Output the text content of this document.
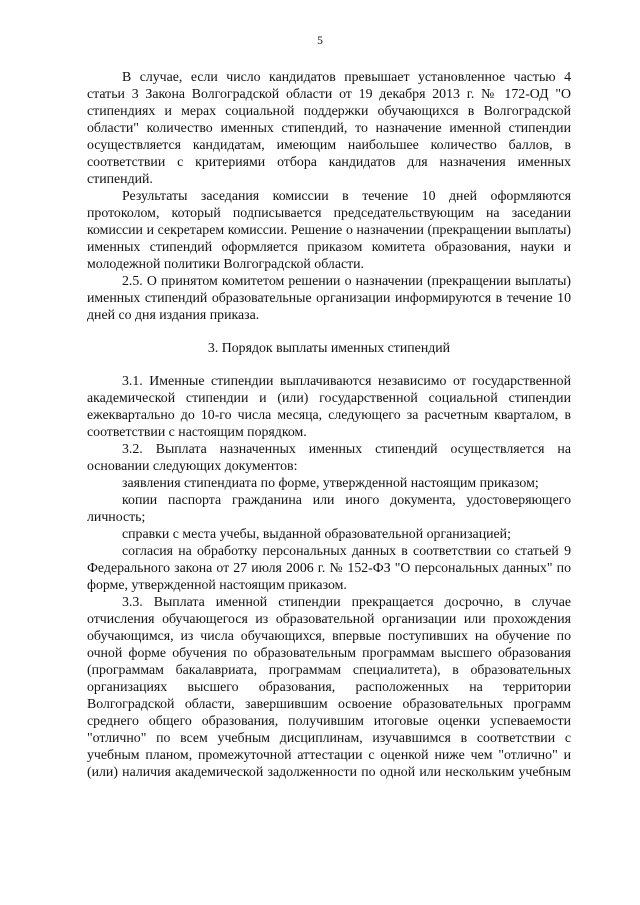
5

В случае, если число кандидатов превышает установленное частью 4 статьи 3 Закона Волгоградской области от 19 декабря 2013 г. № 172-ОД "О стипендиях и мерах социальной поддержки обучающихся в Волгоградской области" количество именных стипендий, то назначение именной стипендии осуществляется кандидатам, имеющим наибольшее количество баллов, в соответствии с критериями отбора кандидатов для назначения именных стипендий.

Результаты заседания комиссии в течение 10 дней оформляются протоколом, который подписывается председательствующим на заседании комиссии и секретарем комиссии. Решение о назначении (прекращении выплаты) именных стипендий оформляется приказом комитета образования, науки и молодежной политики Волгоградской области.

2.5. О принятом комитетом решении о назначении (прекращении выплаты) именных стипендий образовательные организации информируются в течение 10 дней со дня издания приказа.

3. Порядок выплаты именных стипендий

3.1. Именные стипендии выплачиваются независимо от государственной академической стипендии и (или) государственной социальной стипендии ежеквартально до 10-го числа месяца, следующего за расчетным кварталом, в соответствии с настоящим порядком.

3.2. Выплата назначенных именных стипендий осуществляется на основании следующих документов:

заявления стипендиата по форме, утвержденной настоящим приказом;

копии паспорта гражданина или иного документа, удостоверяющего личность;

справки с места учебы, выданной образовательной организацией;

согласия на обработку персональных данных в соответствии со статьей 9 Федерального закона от 27 июля 2006 г. № 152-ФЗ "О персональных данных" по форме, утвержденной настоящим приказом.

3.3. Выплата именной стипендии прекращается досрочно, в случае отчисления обучающегося из образовательной организации или прохождения обучающимся, из числа обучающихся, впервые поступивших на обучение по очной форме обучения по образовательным программам высшего образования (программам бакалавриата, программам специалитета), в образовательных организациях высшего образования, расположенных на территории Волгоградской области, завершившим освоение образовательных программ среднего общего образования, получившим итоговые оценки успеваемости "отлично" по всем учебным дисциплинам, изучавшимся в соответствии с учебным планом, промежуточной аттестации с оценкой ниже чем "отлично" и (или) наличия академической задолженности по одной или нескольким учебным
